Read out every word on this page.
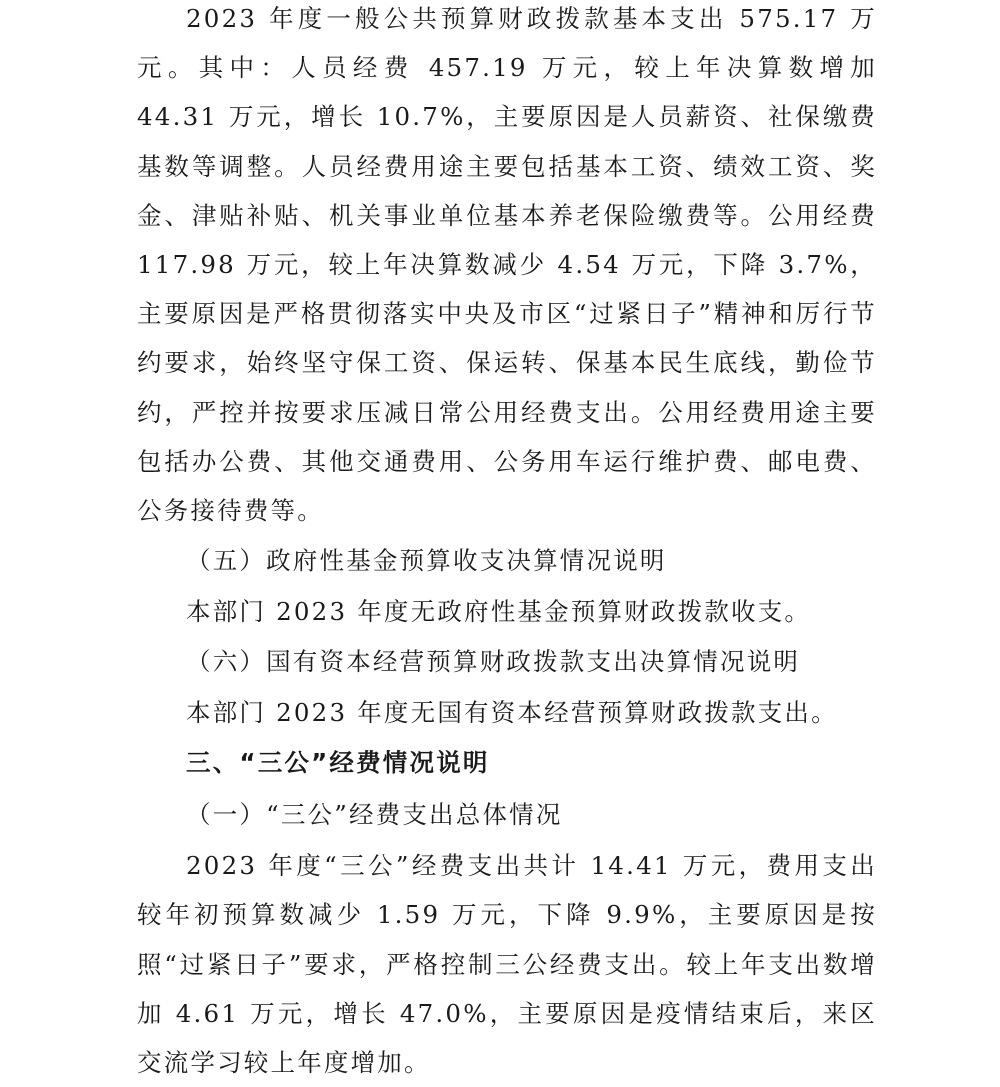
2023 年度一般公共预算财政拨款基本支出 575.17 万元。其中：人员经费 457.19 万元，较上年决算数增加 44.31 万元，增长 10.7%，主要原因是人员薪资、社保缴费基数等调整。人员经费用途主要包括基本工资、绩效工资、奖金、津贴补贴、机关事业单位基本养老保险缴费等。公用经费 117.98 万元，较上年决算数减少 4.54 万元，下降 3.7%，主要原因是严格贯彻落实中央及市区“过紧日子”精神和厉行节约要求，始终坚守保工资、保运转、保基本民生底线，勤俭节约，严控并按要求压减日常公用经费支出。公用经费用途主要包括办公费、其他交通费用、公务用车运行维护费、邮电费、公务接待费等。

（五）政府性基金预算收支决算情况说明

本部门 2023 年度无政府性基金预算财政拨款收支。

（六）国有资本经营预算财政拨款支出决算情况说明

本部门 2023 年度无国有资本经营预算财政拨款支出。

三、“三公”经费情况说明
（一）“三公”经费支出总体情况

2023 年度“三公”经费支出共计 14.41 万元，费用支出较年初预算数减少 1.59 万元，下降 9.9%，主要原因是按照“过紧日子”要求，严格控制三公经费支出。较上年支出数增加 4.61 万元，增长 47.0%，主要原因是疫情结束后，来区交流学习较上年度增加。
